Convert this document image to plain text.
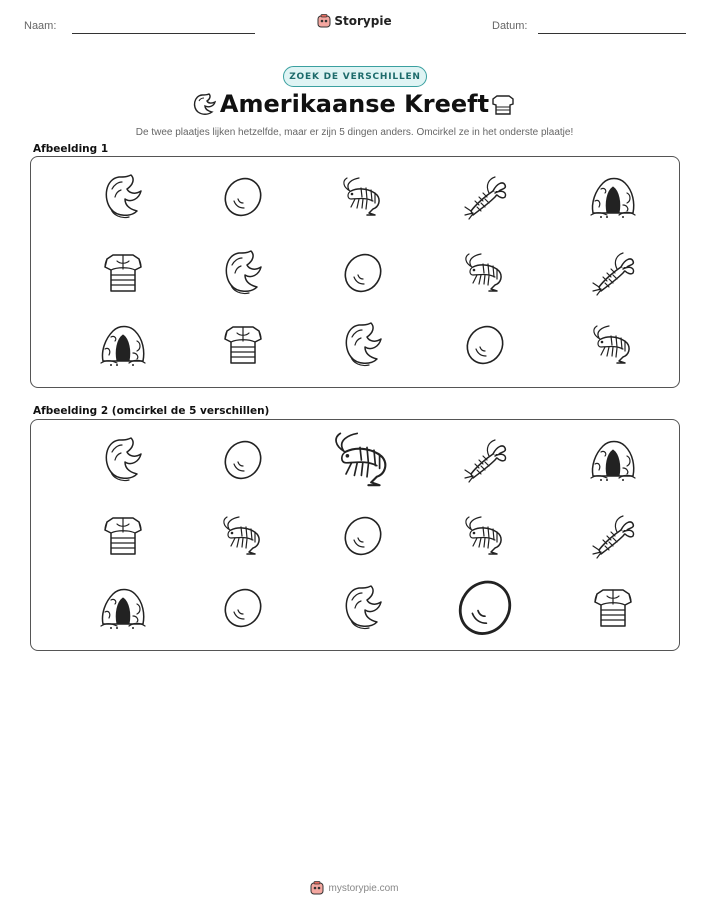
Naam:	Storypie	Datum:
ZOEK DE VERSCHILLEN
Amerikaanse Kreeft
De twee plaatjes lijken hetzelfde, maar er zijn 5 dingen anders. Omcirkel ze in het onderste plaatje!
Afbeelding 1
Afbeelding 2 (omcirkel de 5 verschillen)
mystorypie.com
